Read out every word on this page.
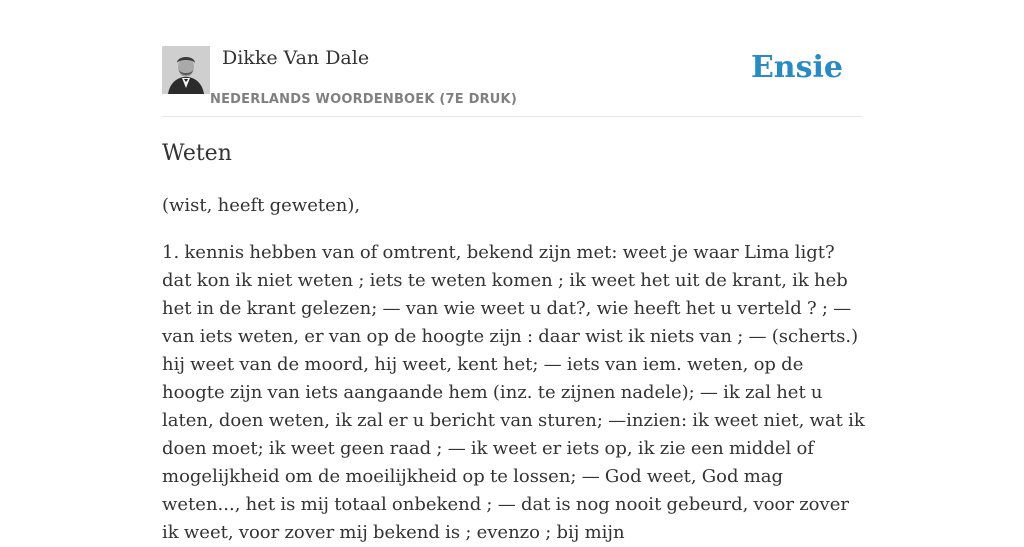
Dikke Van Dale
NEDERLANDS WOORDENBOEK (7E DRUK)
Ensie
Weten

(wist, heeft geweten),

1. kennis hebben van of omtrent, bekend zijn met: weet je waar Lima ligt? dat kon ik niet weten ; iets te weten komen ; ik weet het uit de krant, ik heb het in de krant gelezen; — van wie weet u dat?, wie heeft het u verteld ? ; — van iets weten, er van op de hoogte zijn : daar wist ik niets van ; — (scherts.) hij weet van de moord, hij weet, kent het; — iets van iem. weten, op de hoogte zijn van iets aangaande hem (inz. te zijnen nadele); — ik zal het u laten, doen weten, ik zal er u bericht van sturen; —inzien: ik weet niet, wat ik doen moet; ik weet geen raad ; — ik weet er iets op, ik zie een middel of mogelijkheid om de moeilijkheid op te lossen; — God weet, God mag weten..., het is mij totaal onbekend ; — dat is nog nooit gebeurd, voor zover ik weet, voor zover mij bekend is ; evenzo ; bij mijn
